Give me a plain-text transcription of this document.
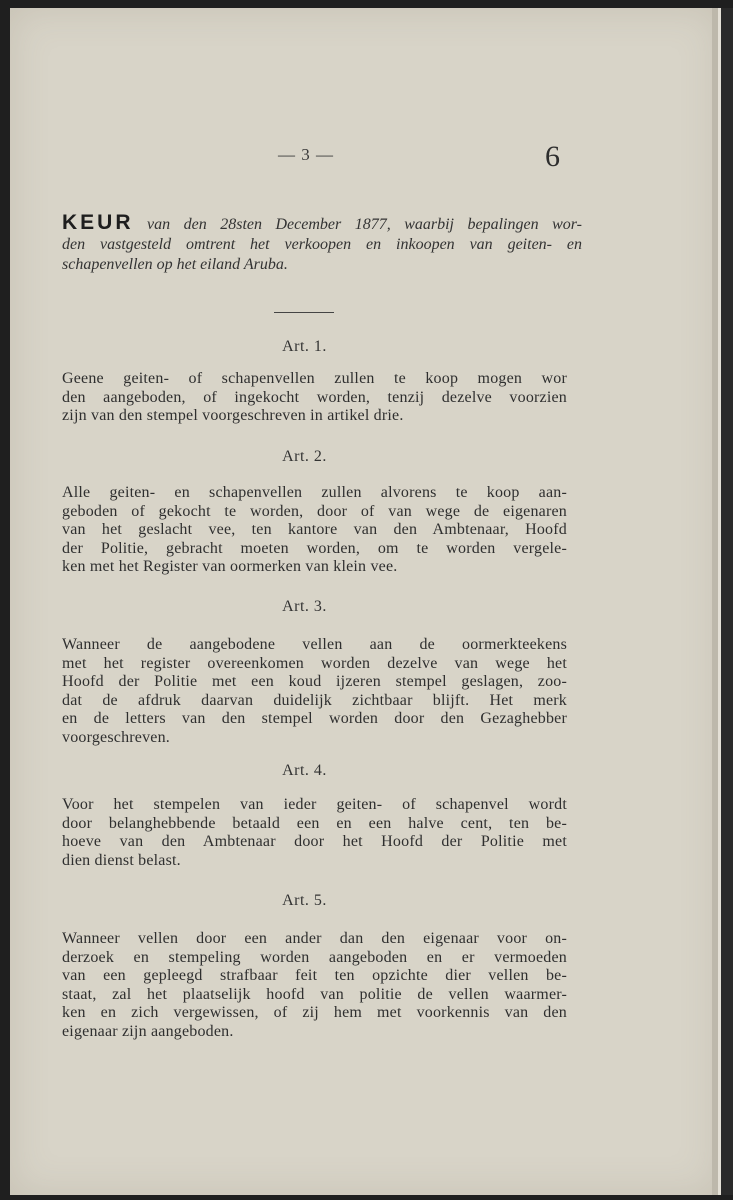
— 3 —	6
KEUR van den 28sten December 1877, waarbij bepalingen wor-
den vastgesteld omtrent het verkoopen en inkoopen van geiten- en
schapenvellen op het eiland Aruba.
Art. 1.
Geene geiten- of schapenvellen zullen te koop mogen wor
den aangeboden, of ingekocht worden, tenzij dezelve voorzien
zijn van den stempel voorgeschreven in artikel drie.
Art. 2.
Alle geiten- en schapenvellen zullen alvorens te koop aan-
geboden of gekocht te worden, door of van wege de eigenaren
van het geslacht vee, ten kantore van den Ambtenaar, Hoofd
der Politie, gebracht moeten worden, om te worden vergele-
ken met het Register van oormerken van klein vee.
Art. 3.
Wanneer de aangebodene vellen aan de oormerkteekens
met het register overeenkomen worden dezelve van wege het
Hoofd der Politie met een koud ijzeren stempel geslagen, zoo-
dat de afdruk daarvan duidelijk zichtbaar blijft. Het merk
en de letters van den stempel worden door den Gezaghebber
voorgeschreven.
Art. 4.
Voor het stempelen van ieder geiten- of schapenvel wordt
door belanghebbende betaald een en een halve cent, ten be-
hoeve van den Ambtenaar door het Hoofd der Politie met
dien dienst belast.
Art. 5.
Wanneer vellen door een ander dan den eigenaar voor on-
derzoek en stempeling worden aangeboden en er vermoeden
van een gepleegd strafbaar feit ten opzichte dier vellen be-
staat, zal het plaatselijk hoofd van politie de vellen waarmer-
ken en zich vergewissen, of zij hem met voorkennis van den
eigenaar zijn aangeboden.
